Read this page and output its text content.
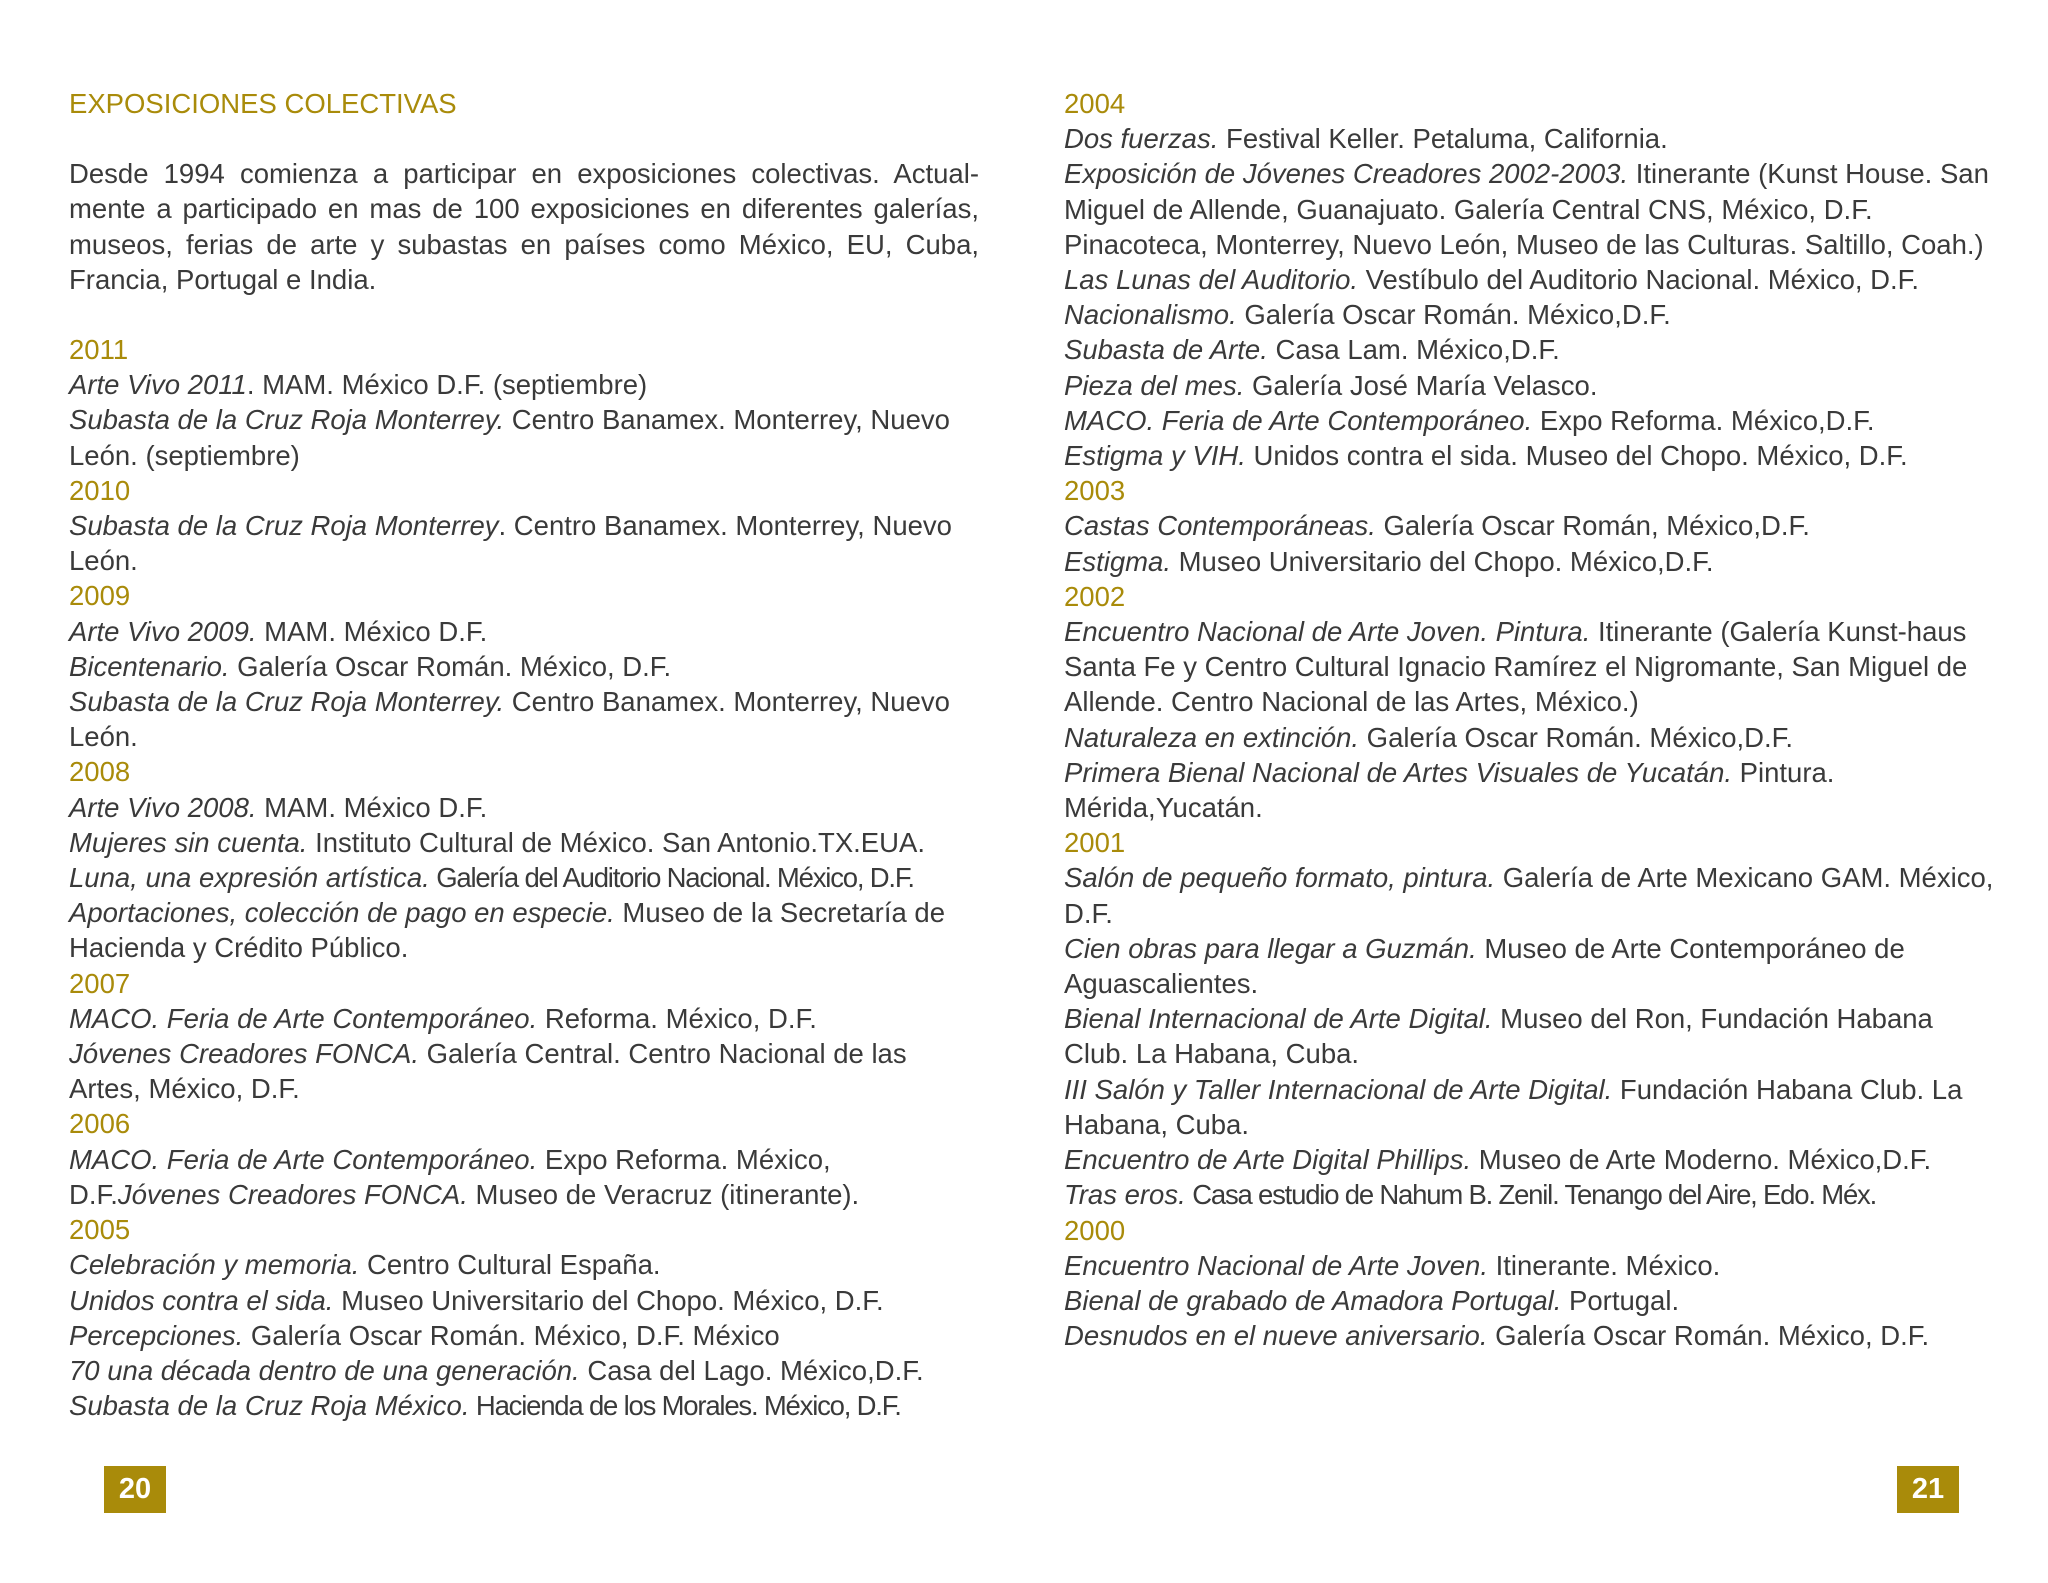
EXPOSICIONES COLECTIVAS
Desde 1994 comienza a participar en exposiciones colectivas. Actual-mente a participado en mas de 100 exposiciones en diferentes galerías, museos, ferias de arte y subastas en países como México, EU, Cuba, Francia, Portugal e India.
2011
Arte Vivo 2011. MAM. México D.F. (septiembre)
Subasta de la Cruz Roja Monterrey. Centro Banamex. Monterrey, Nuevo León. (septiembre)
2010
Subasta de la Cruz Roja Monterrey. Centro Banamex. Monterrey, Nuevo León.
2009
Arte Vivo 2009. MAM. México D.F.
Bicentenario. Galería Oscar Román. México, D.F.
Subasta de la Cruz Roja Monterrey. Centro Banamex. Monterrey, Nuevo León.
2008
Arte Vivo 2008. MAM. México D.F.
Mujeres sin cuenta. Instituto Cultural de México. San Antonio.TX.EUA.
Luna, una expresión artística. Galería del Auditorio Nacional. México, D.F.
Aportaciones, colección de pago en especie. Museo de la Secretaría de Hacienda y Crédito Público.
2007
MACO. Feria de Arte Contemporáneo. Reforma. México, D.F.
Jóvenes Creadores FONCA. Galería Central. Centro Nacional de las Artes, México, D.F.
2006
MACO. Feria de Arte Contemporáneo. Expo Reforma. México,
D.F.Jóvenes Creadores FONCA. Museo de Veracruz (itinerante).
2005
Celebración y memoria. Centro Cultural España.
Unidos contra el sida. Museo Universitario del Chopo. México, D.F.
Percepciones. Galería Oscar Román. México, D.F. México
70 una década dentro de una generación. Casa del Lago. México,D.F.
Subasta de la Cruz Roja México. Hacienda de los Morales. México, D.F.
2004
Dos fuerzas. Festival Keller. Petaluma, California.
Exposición de Jóvenes Creadores 2002-2003. Itinerante (Kunst House. San Miguel de Allende, Guanajuato. Galería Central CNS, México, D.F. Pinacoteca, Monterrey, Nuevo León, Museo de las Culturas. Saltillo, Coah.)
Las Lunas del Auditorio. Vestíbulo del Auditorio Nacional. México, D.F.
Nacionalismo. Galería Oscar Román. México,D.F.
Subasta de Arte. Casa Lam. México,D.F.
Pieza del mes. Galería José María Velasco.
MACO. Feria de Arte Contemporáneo. Expo Reforma. México,D.F.
Estigma y VIH. Unidos contra el sida. Museo del Chopo. México, D.F.
2003
Castas Contemporáneas. Galería Oscar Román, México,D.F.
Estigma. Museo Universitario del Chopo. México,D.F.
2002
Encuentro Nacional de Arte Joven. Pintura. Itinerante (Galería Kunst-haus Santa Fe y Centro Cultural Ignacio Ramírez el Nigromante, San Miguel de Allende. Centro Nacional de las Artes, México.)
Naturaleza en extinción. Galería Oscar Román. México,D.F.
Primera Bienal Nacional de Artes Visuales de Yucatán. Pintura. Mérida,Yucatán.
2001
Salón de pequeño formato, pintura. Galería de Arte Mexicano GAM. México, D.F.
Cien obras para llegar a Guzmán. Museo de Arte Contemporáneo de Aguascalientes.
Bienal Internacional de Arte Digital. Museo del Ron, Fundación Habana Club. La Habana, Cuba.
III Salón y Taller Internacional de Arte Digital. Fundación Habana Club. La Habana, Cuba.
Encuentro de Arte Digital Phillips. Museo de Arte Moderno. México,D.F.
Tras eros. Casa estudio de Nahum B. Zenil. Tenango del Aire, Edo. Méx.
2000
Encuentro Nacional de Arte Joven. Itinerante. México.
Bienal de grabado de Amadora Portugal. Portugal.
Desnudos en el nueve aniversario. Galería Oscar Román. México, D.F.
20	21
